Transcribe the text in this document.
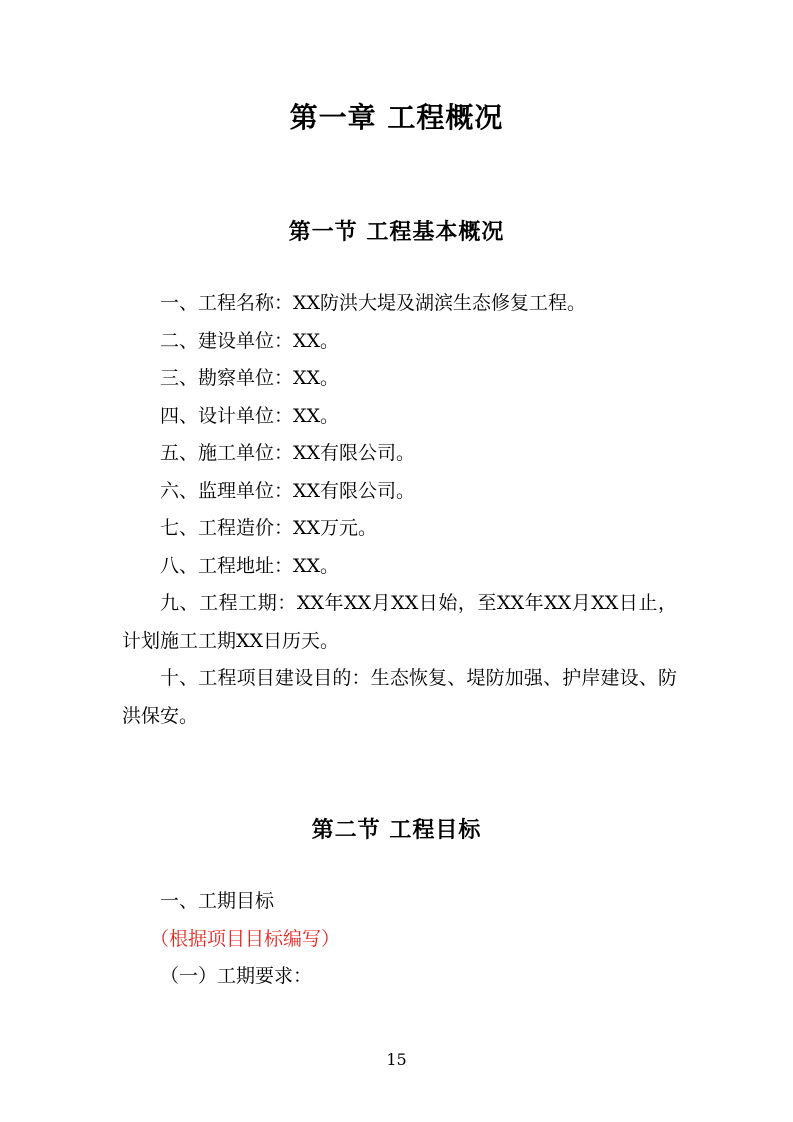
第一章 工程概况
第一节 工程基本概况

一、工程名称：XX防洪大堤及湖滨生态修复工程。

二、建设单位：XX。

三、勘察单位：XX。

四、设计单位：XX。

五、施工单位：XX有限公司。

六、监理单位：XX有限公司。

七、工程造价：XX万元。

八、工程地址：XX。

九、工程工期：XX年XX月XX日始，至XX年XX月XX日止，计划施工工期XX日历天。

十、工程项目建设目的：生态恢复、堤防加强、护岸建设、防洪保安。

第二节 工程目标

一、工期目标

（根据项目目标编写）

（一）工期要求：

15
